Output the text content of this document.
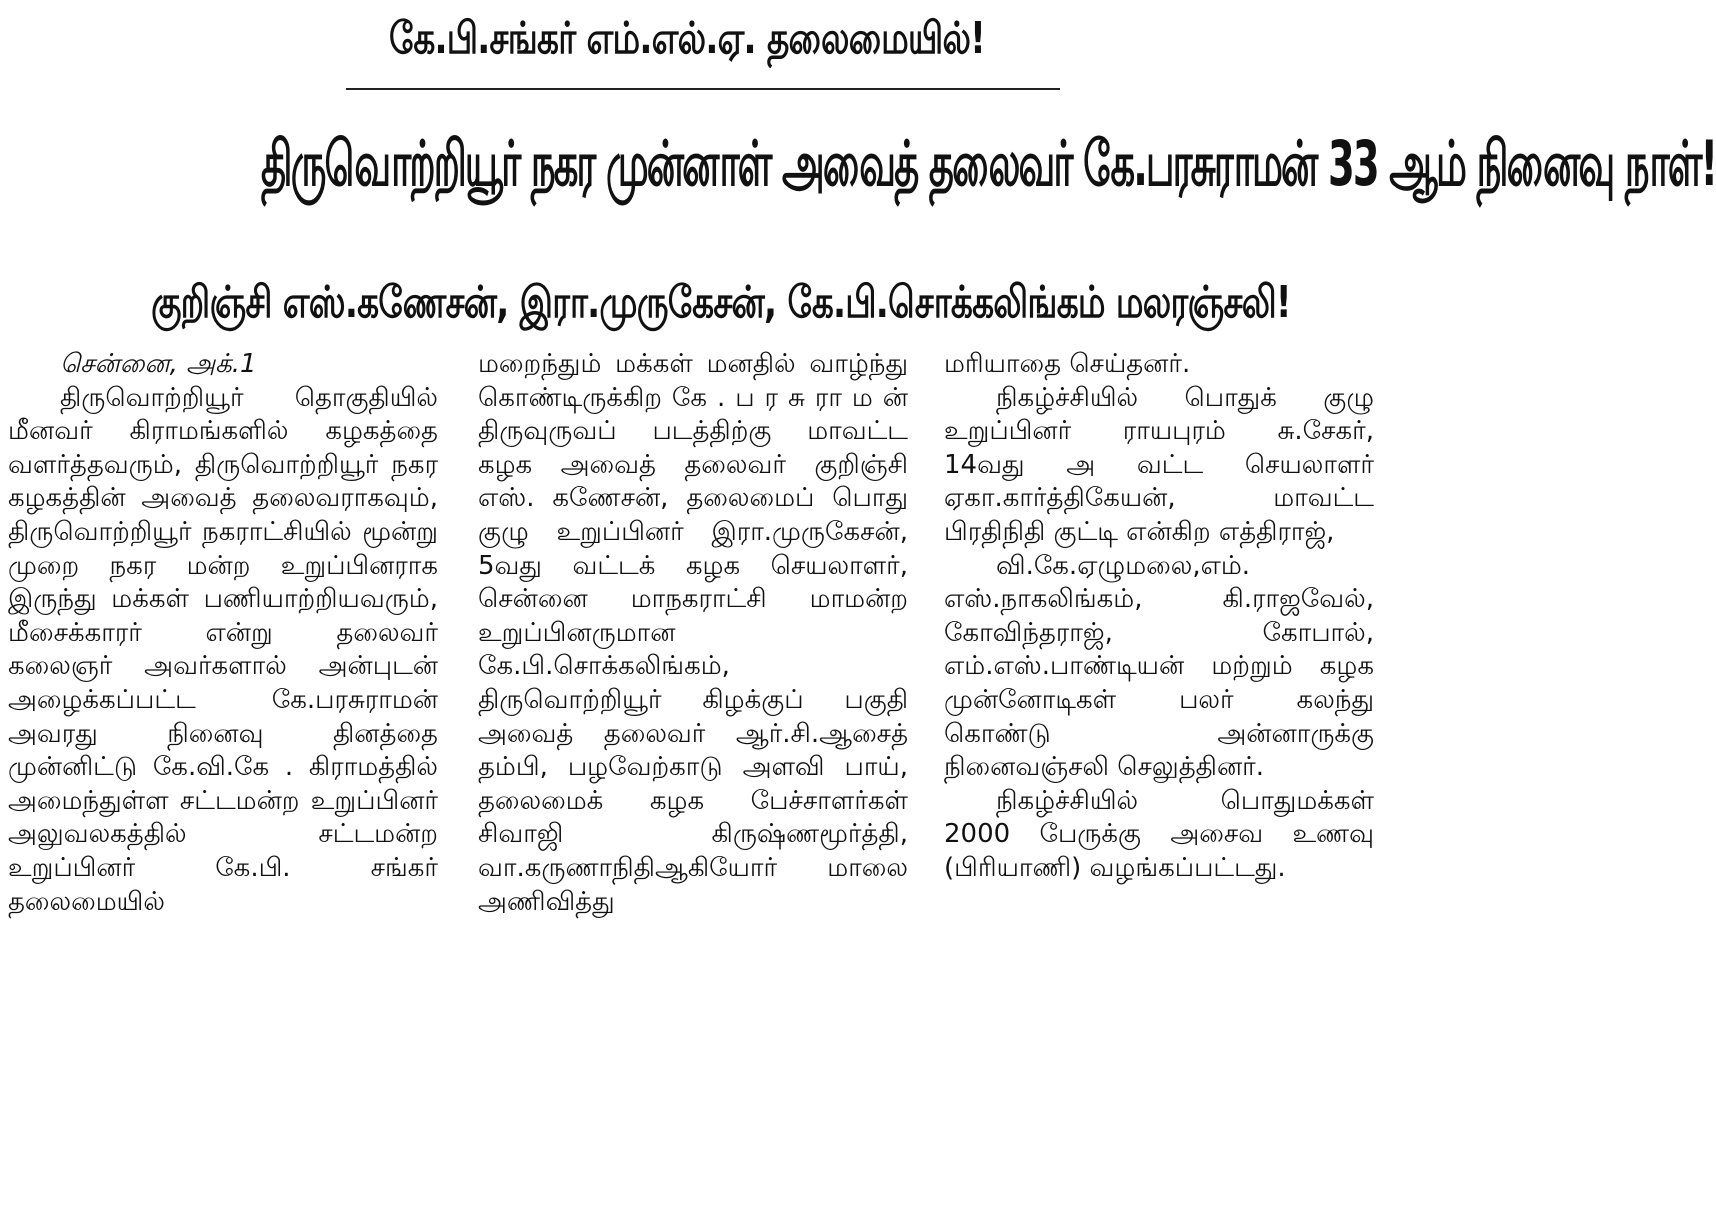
கே.பி.சங்கர் எம்.எல்.ஏ. தலைமையில்!
திருவொற்றியூர் நகர முன்னாள் அவைத் தலைவர் கே.பரசுராமன் 33 ஆம் நினைவு நாள்!
குறிஞ்சி எஸ்.கணேசன், இரா.முருகேசன், கே.பி.சொக்கலிங்கம் மலரஞ்சலி!

சென்னை, அக்.1

திருவொற்றியூர் தொகுதியில் மீனவர் கிராமங்களில் கழகத்தை வளர்த்தவரும், திருவொற்றியூர் நகர கழகத்தின் அவைத் தலைவராகவும், திருவொற்றியூர் நகராட்சியில் மூன்று முறை நகர மன்ற உறுப்பினராக இருந்து மக்கள் பணியாற்றியவரும், மீசைக்காரர் என்று தலைவர் கலைஞர் அவர்களால் அன்புடன் அழைக்கப்பட்ட கே.பரசுராமன் அவரது நினைவு தினத்தை முன்னிட்டு கே.வி.கே . கிராமத்தில் அமைந்துள்ள சட்டமன்ற உறுப்பினர் அலுவலகத்தில் சட்டமன்ற உறுப்பினர் கே.பி. சங்கர் தலைமையில்

மறைந்தும் மக்கள் மனதில் வாழ்ந்து கொண்டிருக்கிற கே . ப ர சு ரா ம ன் திருவுருவப் படத்திற்கு மாவட்ட கழக அவைத் தலைவர் குறிஞ்சி எஸ். கணேசன், தலைமைப் பொது குழு உறுப்பினர் இரா.முருகேசன், 5வது வட்டக் கழக செயலாளர், சென்னை மாநகராட்சி மாமன்ற உறுப்பினருமான கே.பி.சொக்கலிங்கம், திருவொற்றியூர் கிழக்குப் பகுதி அவைத் தலைவர் ஆர்.சி.ஆசைத் தம்பி, பழவேற்காடு அளவி பாய், தலைமைக் கழக பேச்சாளர்கள் சிவாஜி கிருஷ்ணமூர்த்தி, வா.கருணாநிதிஆகியோர் மாலை அணிவித்து

மரியாதை செய்தனர்.

நிகழ்ச்சியில் பொதுக் குழு உறுப்பினர் ராயபுரம் சு.சேகர், 14வது அ வட்ட செயலாளர் ஏகா.கார்த்திகேயன், மாவட்ட பிரதிநிதி குட்டி என்கிற எத்திராஜ்,

வி.கே.ஏழுமலை,எம். எஸ்.நாகலிங்கம், கி.ராஜவேல், கோவிந்தராஜ், கோபால், எம்.எஸ்.பாண்டியன் மற்றும் கழக முன்னோடிகள் பலர் கலந்து கொண்டு அன்னாருக்கு நினைவஞ்சலி செலுத்தினர்.

நிகழ்ச்சியில் பொதுமக்கள் 2000 பேருக்கு அசைவ உணவு (பிரியாணி) வழங்கப்பட்டது.
